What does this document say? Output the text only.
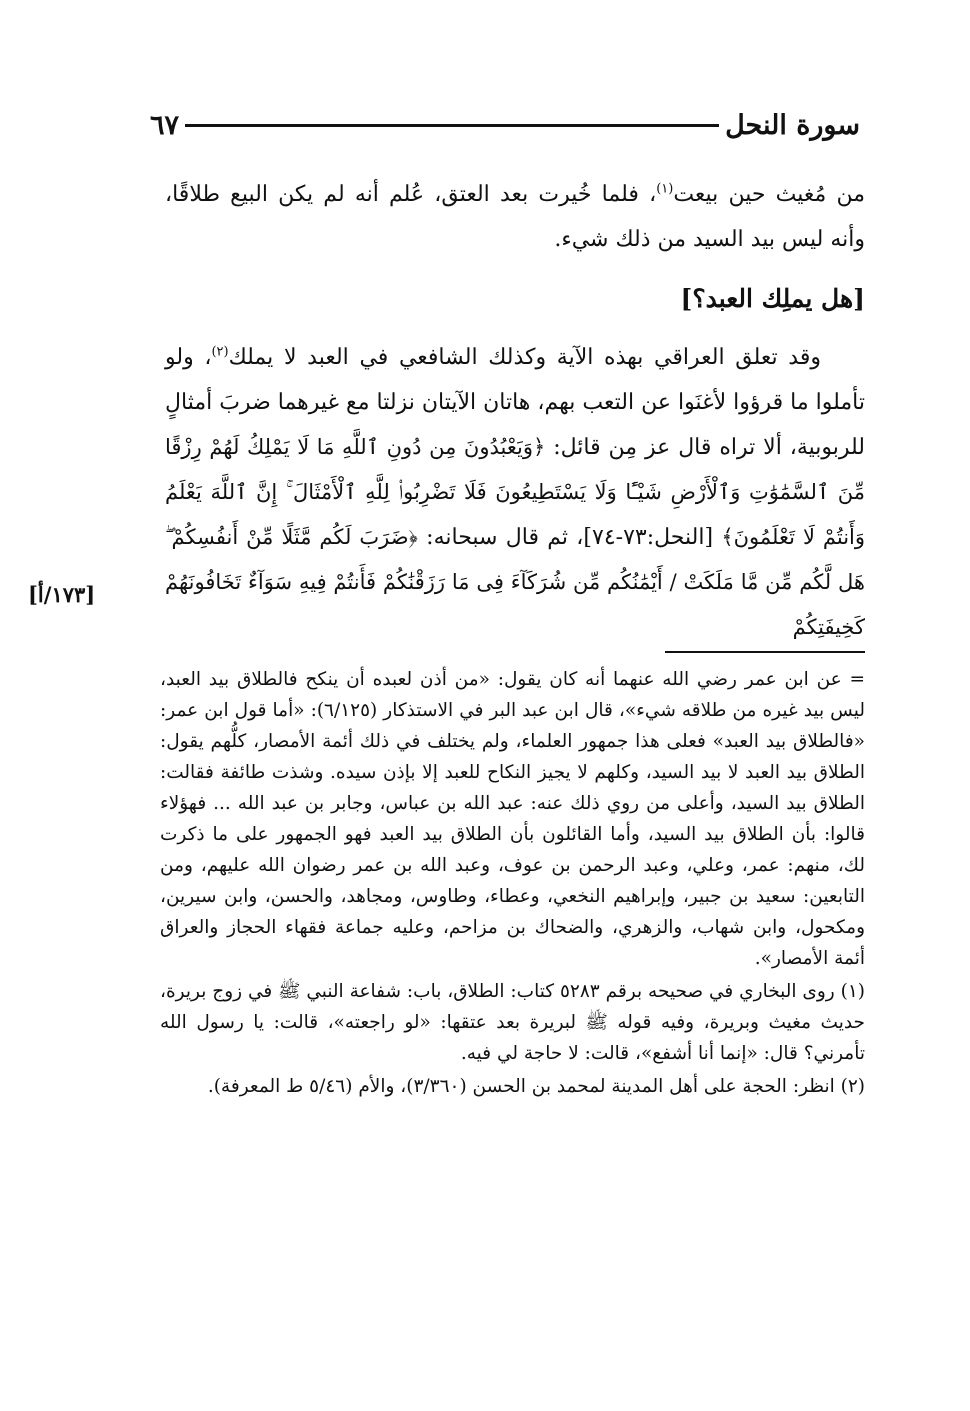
سورة النحل
٦٧

من مُغيث حين بيعت$^{(١)}$، فلما خُيرت بعد العتق، عُلم أنه لم يكن البيع طلاقًا، وأنه ليس بيد السيد من ذلك شيء.

[هل يملِك العبد؟]

وقد تعلق العراقي بهذه الآية وكذلك الشافعي في العبد لا يملك$^{(٢)}$، ولو تأملوا ما قرؤوا لأغنَوا عن التعب بهم، هاتان الآيتان نزلتا مع غيرهما ضربَ أمثالٍ للربوبية، ألا تراه قال عز مِن قائل: ﴿وَيَعْبُدُونَ مِن دُونِ ٱللَّهِ مَا لَا يَمْلِكُ لَهُمْ رِزْقًا مِّنَ ٱلسَّمَٰوَٰتِ وَٱلْأَرْضِ شَيْـًٔا وَلَا يَسْتَطِيعُونَ فَلَا تَضْرِبُوا۟ لِلَّهِ ٱلْأَمْثَالَ ۚ إِنَّ ٱللَّهَ يَعْلَمُ وَأَنتُمْ لَا تَعْلَمُونَ﴾ [النحل:٧٣-٧٤]، ثم قال سبحانه: ﴿ضَرَبَ لَكُم مَّثَلًا مِّنْ أَنفُسِكُمْ ۖ هَل لَّكُم مِّن مَّا مَلَكَتْ / أَيْمَٰنُكُم مِّن شُرَكَآءَ فِى مَا رَزَقْنَٰكُمْ فَأَنتُمْ فِيهِ سَوَآءٌ تَخَافُونَهُمْ كَخِيفَتِكُمْ

[١٧٣/أ]

= عن ابن عمر رضي الله عنهما أنه كان يقول: «من أذن لعبده أن ينكح فالطلاق بيد العبد، ليس بيد غيره من طلاقه شيء»، قال ابن عبد البر في الاستذكار (٦/١٢٥): «أما قول ابن عمر: «فالطلاق بيد العبد» فعلى هذا جمهور العلماء، ولم يختلف في ذلك أئمة الأمصار، كلُّهم يقول: الطلاق بيد العبد لا بيد السيد، وكلهم لا يجيز النكاح للعبد إلا بإذن سيده. وشذت طائفة فقالت: الطلاق بيد السيد، وأعلى من روي ذلك عنه: عبد الله بن عباس، وجابر بن عبد الله ... فهؤلاء قالوا: بأن الطلاق بيد السيد، وأما القائلون بأن الطلاق بيد العبد فهو الجمهور على ما ذكرت لك، منهم: عمر، وعلي، وعبد الرحمن بن عوف، وعبد الله بن عمر رضوان الله عليهم، ومن التابعين: سعيد بن جبير، وإبراهيم النخعي، وعطاء، وطاوس، ومجاهد، والحسن، وابن سيرين، ومكحول، وابن شهاب، والزهري، والضحاك بن مزاحم، وعليه جماعة فقهاء الحجاز والعراق أئمة الأمصار».

(١) روى البخاري في صحيحه برقم ٥٢٨٣ كتاب: الطلاق، باب: شفاعة النبي ﷺ في زوج بريرة، حديث مغيث وبريرة، وفيه قوله ﷺ لبريرة بعد عتقها: «لو راجعته»، قالت: يا رسول الله تأمرني؟ قال: «إنما أنا أشفع»، قالت: لا حاجة لي فيه.

(٢) انظر: الحجة على أهل المدينة لمحمد بن الحسن (٣/٣٦٠)، والأم (٥/٤٦ ط المعرفة).
